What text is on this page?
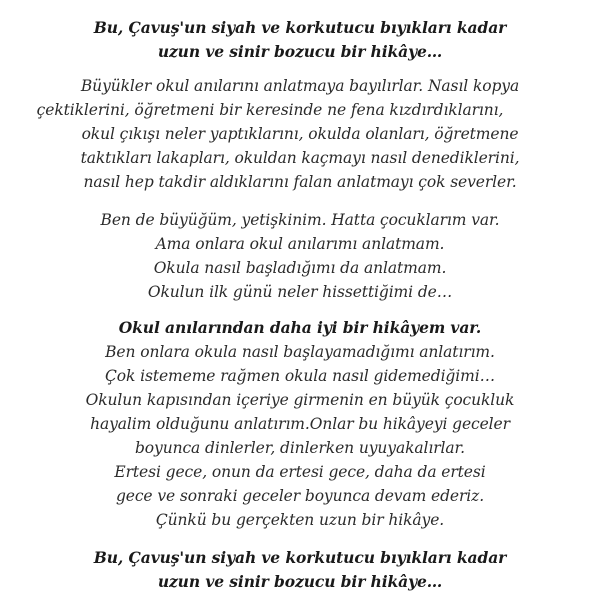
Bu, Çavuş'un siyah ve korkutucu bıyıkları kadar
uzun ve sinir bozucu bir hikâye…
Büyükler okul anılarını anlatmaya bayılırlar. Nasıl kopya
çektiklerini, öğretmeni bir keresinde ne fena kızdırdıklarını,
okul çıkışı neler yaptıklarını, okulda olanları, öğretmene
taktıkları lakapları, okuldan kaçmayı nasıl denediklerini,
nasıl hep takdir aldıklarını falan anlatmayı çok severler.
Ben de büyüğüm, yetişkinim. Hatta çocuklarım var.
Ama onlara okul anılarımı anlatmam.
Okula nasıl başladığımı da anlatmam.
Okulun ilk günü neler hissettiğimi de…
Okul anılarından daha iyi bir hikâyem var.
Ben onlara okula nasıl başlayamadığımı anlatırım.
Çok istememe rağmen okula nasıl gidemediğimi…
Okulun kapısından içeriye girmenin en büyük çocukluk
hayalim olduğunu anlatırım.Onlar bu hikâyeyi geceler
boyunca dinlerler, dinlerken uyuyakalırlar.
Ertesi gece, onun da ertesi gece, daha da ertesi
gece ve sonraki geceler boyunca devam ederiz.
Çünkü bu gerçekten uzun bir hikâye.
Bu, Çavuş'un siyah ve korkutucu bıyıkları kadar
uzun ve sinir bozucu bir hikâye…
